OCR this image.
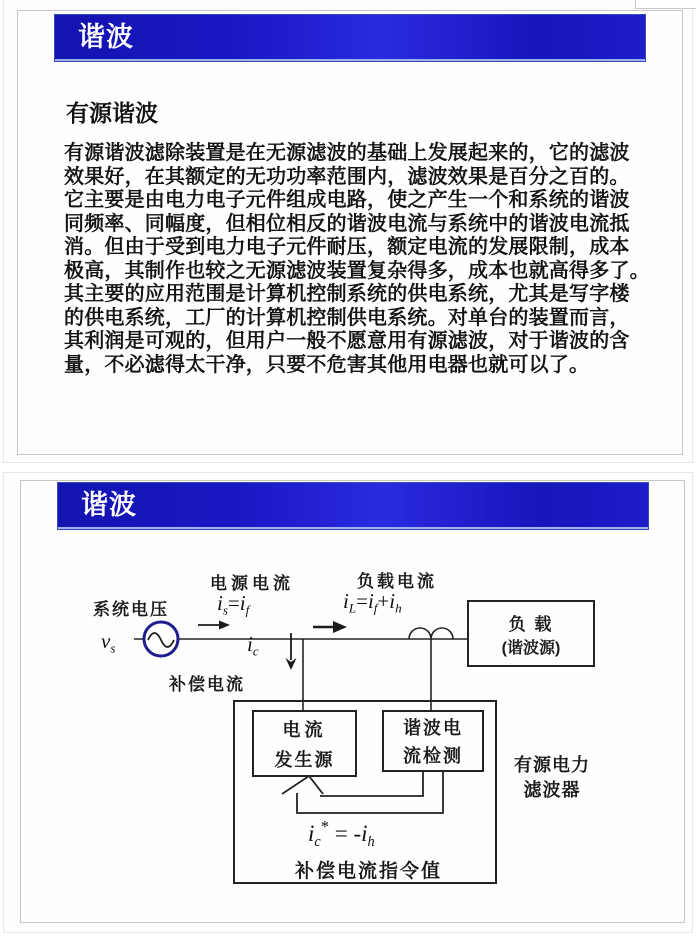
谐波
有源谐波
有源谐波滤除装置是在无源滤波的基础上发展起来的，它的滤波
效果好，在其额定的无功功率范围内，滤波效果是百分之百的。
它主要是由电力电子元件组成电路，使之产生一个和系统的谐波
同频率、同幅度，但相位相反的谐波电流与系统中的谐波电流抵
消。但由于受到电力电子元件耐压，额定电流的发展限制，成本
极高，其制作也较之无源滤波装置复杂得多，成本也就高得多了。
其主要的应用范围是计算机控制系统的供电系统，尤其是写字楼
的供电系统，工厂的计算机控制供电系统。对单台的装置而言，
其利润是可观的，但用户一般不愿意用有源滤波，对于谐波的含
量，不必滤得太干净，只要不危害其他用电器也就可以了。
谐波
系统电压
电源电流	负载电流
补偿电流
补偿电流指令值
$v_s$
$i_s=i_f$	$i_L=i_f+i_h$
$i_c$
$i_c^* = -i_h$
负 载
(谐波源)
电流
发生源
谐波电
流检测	有源电力
滤波器
